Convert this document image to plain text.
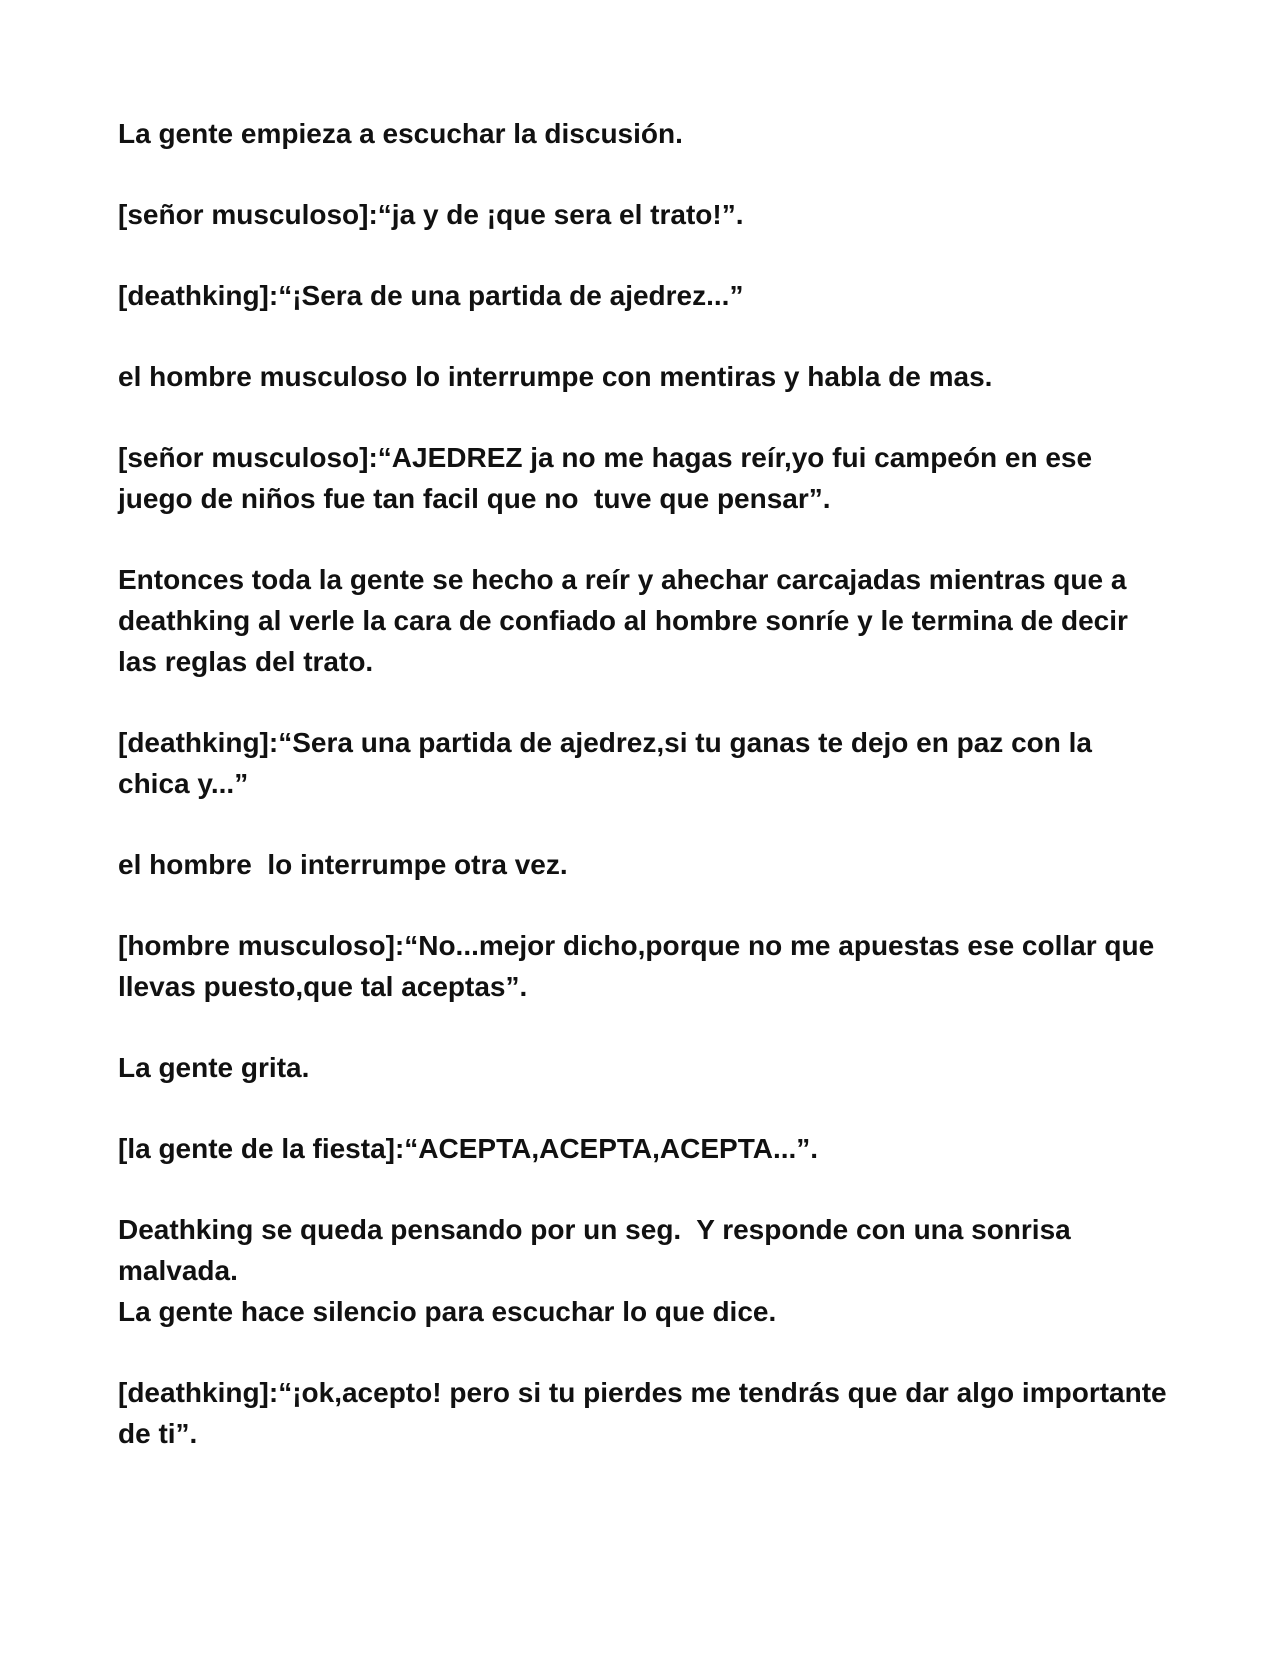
La gente empieza a escuchar la discusión.

[señor musculoso]:“ja y de ¡que sera el trato!”.

[deathking]:“¡Sera de una partida de ajedrez...”

el hombre musculoso lo interrumpe con mentiras y habla de mas.

[señor musculoso]:“AJEDREZ ja no me hagas reír,yo fui campeón en ese juego de niños fue tan facil que no  tuve que pensar”.

Entonces toda la gente se hecho a reír y ahechar carcajadas mientras que a deathking al verle la cara de confiado al hombre sonríe y le termina de decir las reglas del trato.

[deathking]:“Sera una partida de ajedrez,si tu ganas te dejo en paz con la chica y...”

el hombre  lo interrumpe otra vez.

[hombre musculoso]:“No...mejor dicho,porque no me apuestas ese collar que llevas puesto,que tal aceptas”.

La gente grita.

[la gente de la fiesta]:“ACEPTA,ACEPTA,ACEPTA...”.

Deathking se queda pensando por un seg.  Y responde con una sonrisa malvada.

La gente hace silencio para escuchar lo que dice.

[deathking]:“¡ok,acepto! pero si tu pierdes me tendrás que dar algo importante de ti”.
